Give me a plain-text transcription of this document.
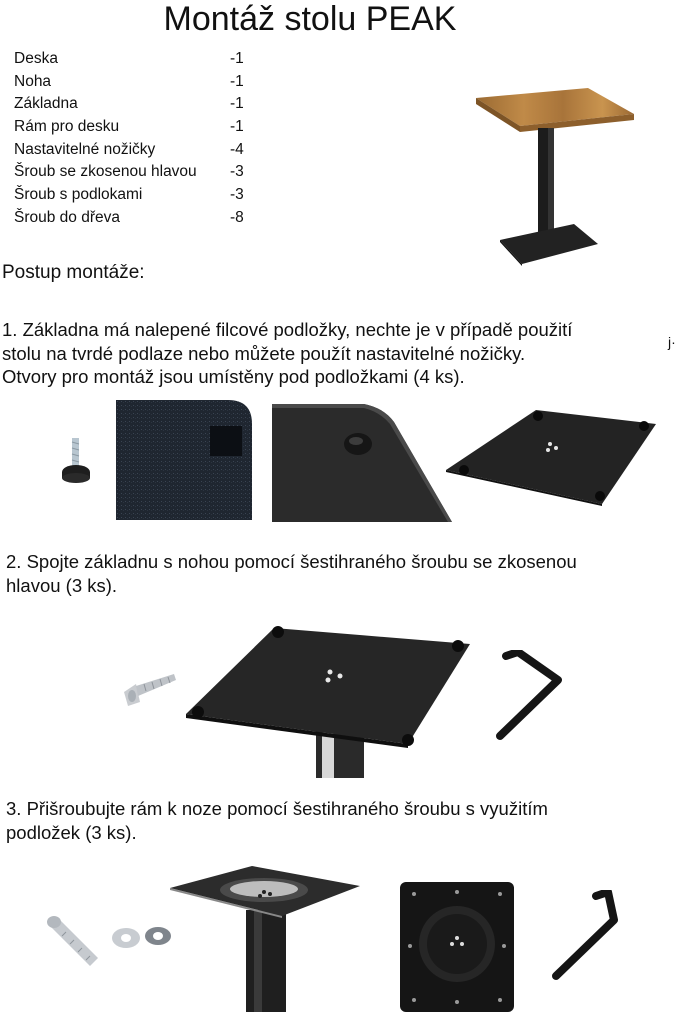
Montáž stolu PEAK
Deska	-1
Noha	-1
Základna	-1
Rám pro desku	-1
Nastavitelné nožičky	-4
Šroub se zkosenou hlavou -3
Šroub s podlokami	-3
Šroub do dřeva	-8
Postup montáže:
1. Základna má nalepené filcové podložky, nechte je v případě použití
stolu na tvrdé podlaze nebo můžete použít nastavitelné nožičky.
Otvory pro montáž jsou umístěny pod podložkami (4 ks).
j·
2. Spojte základnu s nohou pomocí šestihraného šroubu se zkosenou
hlavou (3 ks).
3. Přišroubujte rám k noze pomocí šestihraného šroubu s využitím
podložek (3 ks).
